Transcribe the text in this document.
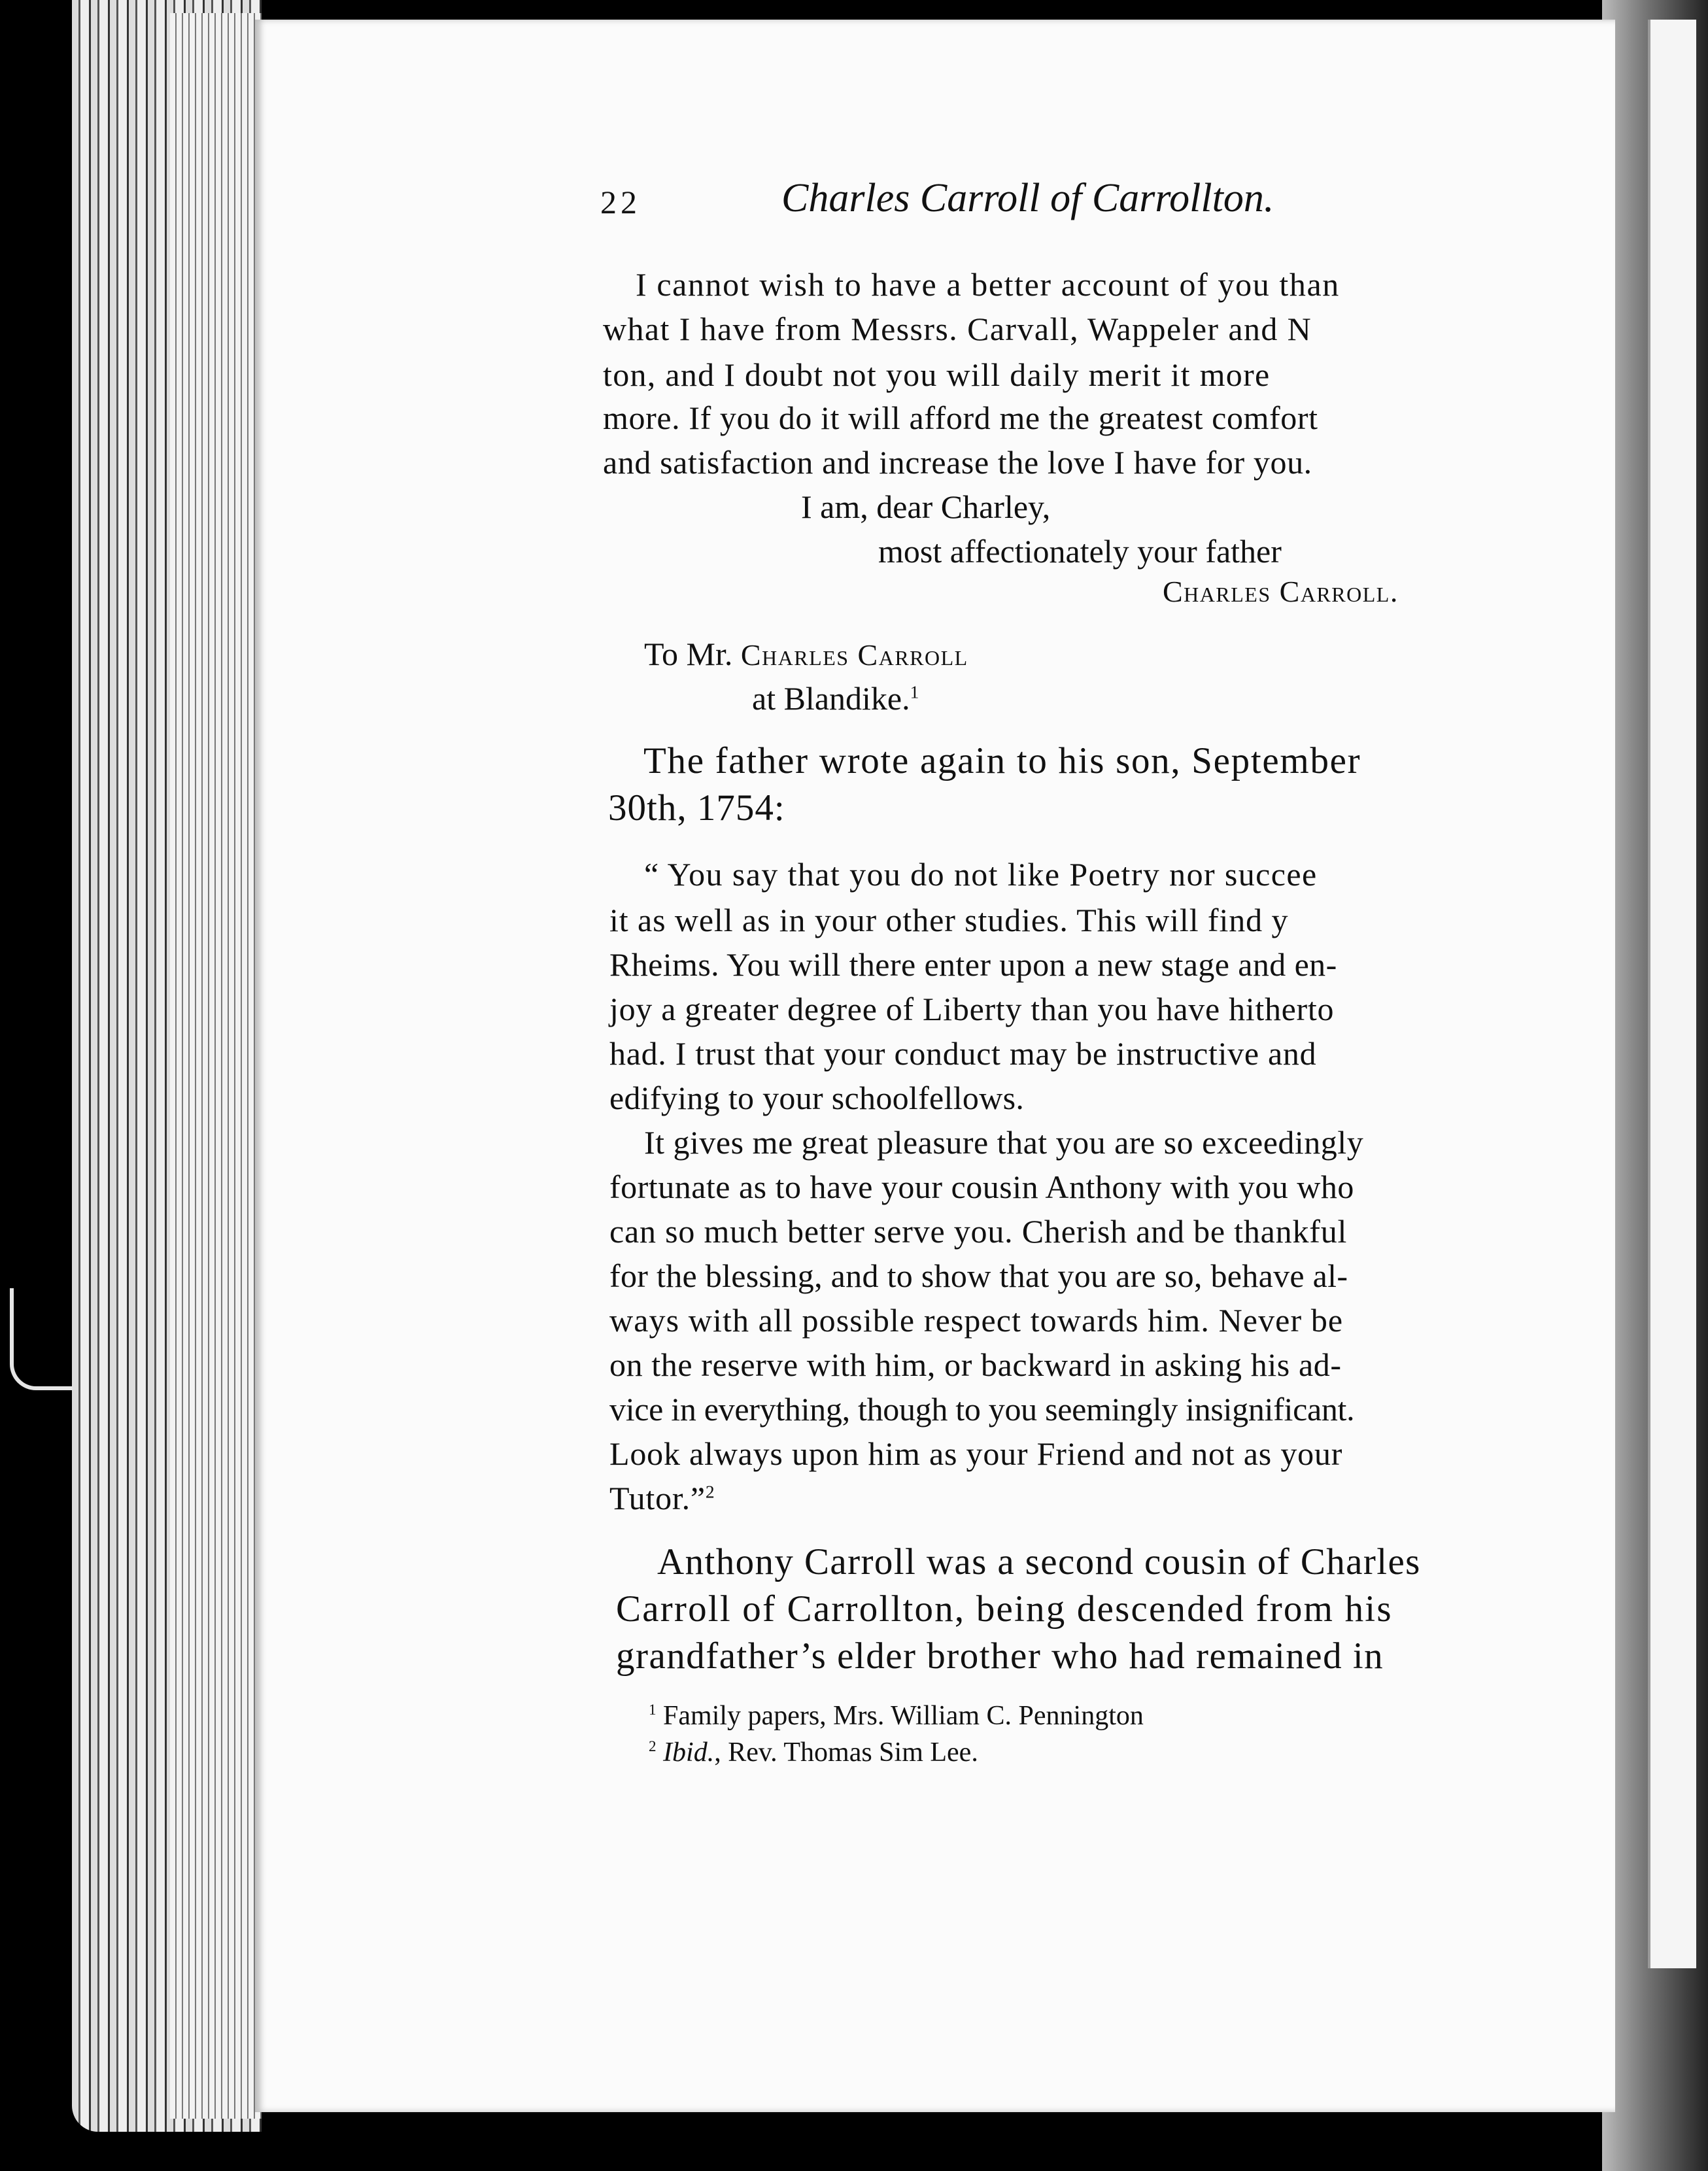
22	Charles Carroll of Carrollton.
I cannot wish to have a better account of you than
what I have from Messrs. Carvall, Wappeler and N
ton, and I doubt not you will daily merit it more
more. If you do it will afford me the greatest comfort
and satisfaction and increase the love I have for you.
I am, dear Charley,
most affectionately your father
Charles Carroll.
To Mr. Charles Carroll
at Blandike.$^1$
The father wrote again to his son, September
30th, 1754:
“ You say that you do not like Poetry nor succee
it as well as in your other studies. This will find y
Rheims. You will there enter upon a new stage and en-
joy a greater degree of Liberty than you have hitherto
had. I trust that your conduct may be instructive and
edifying to your schoolfellows.
It gives me great pleasure that you are so exceedingly
fortunate as to have your cousin Anthony with you who
can so much better serve you. Cherish and be thankful
for the blessing, and to show that you are so, behave al-
ways with all possible respect towards him. Never be
on the reserve with him, or backward in asking his ad-
vice in everything, though to you seemingly insignificant.
Look always upon him as your Friend and not as your
Tutor.”$^2$
Anthony Carroll was a second cousin of Charles
Carroll of Carrollton, being descended from his
grandfather’s elder brother who had remained in
$^1$ Family papers, Mrs. William C. Pennington
$^2$ Ibid., Rev. Thomas Sim Lee.
